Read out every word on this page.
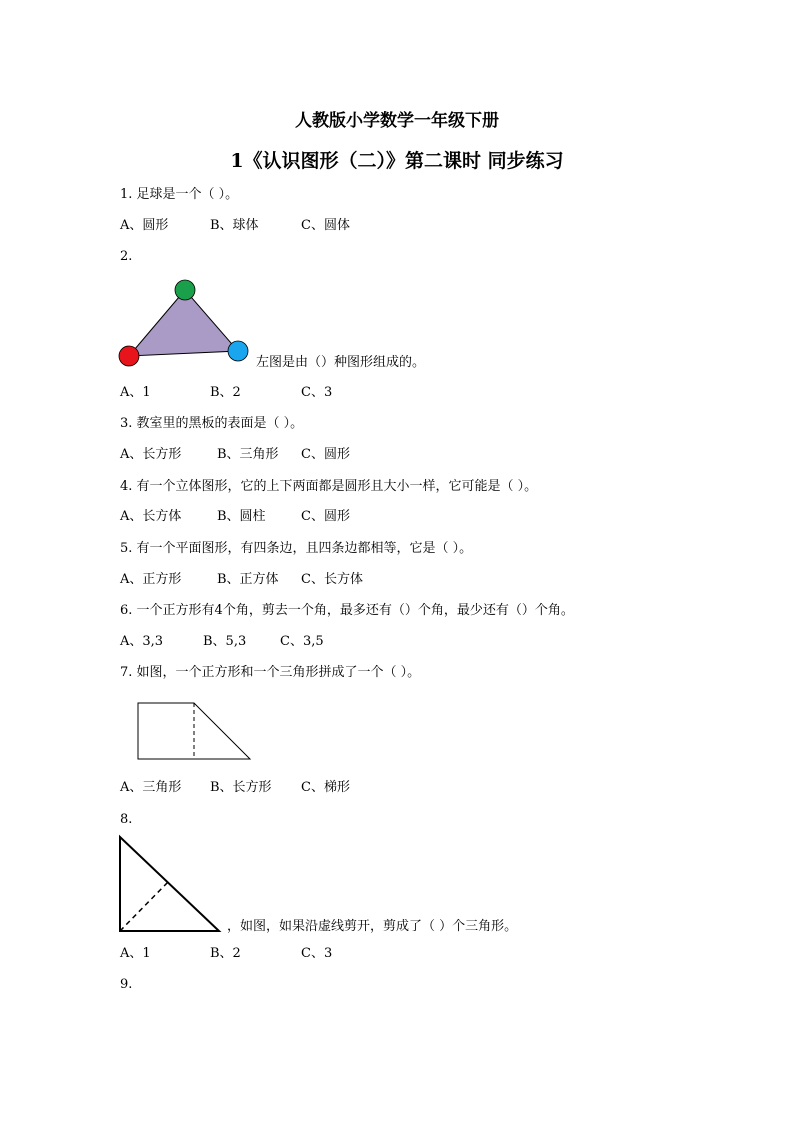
人教版小学数学一年级下册
1《认识图形（二）》第二课时 同步练习
1. 足球是一个（ ）。
A、圆形	B、球体	C、圆体
2.
左图是由（）种图形组成的。
A、1	B、2	C、3
3. 教室里的黑板的表面是（ ）。
A、长方形	B、三角形 C、圆形
4. 有一个立体图形，它的上下两面都是圆形且大小一样，它可能是（ ）。
A、长方体	B、圆柱	C、圆形
5. 有一个平面图形，有四条边，且四条边都相等，它是（ ）。
A、正方形	B、正方体 C、长方体
6. 一个正方形有4个角，剪去一个角，最多还有（）个角，最少还有（）个角。
A、3,3	B、5,3	C、3,5
7. 如图，一个正方形和一个三角形拼成了一个（ ）。
A、三角形 B、长方形 C、梯形
8.
，如图，如果沿虚线剪开，剪成了（ ）个三角形。
A、1	B、2	C、3
9.
